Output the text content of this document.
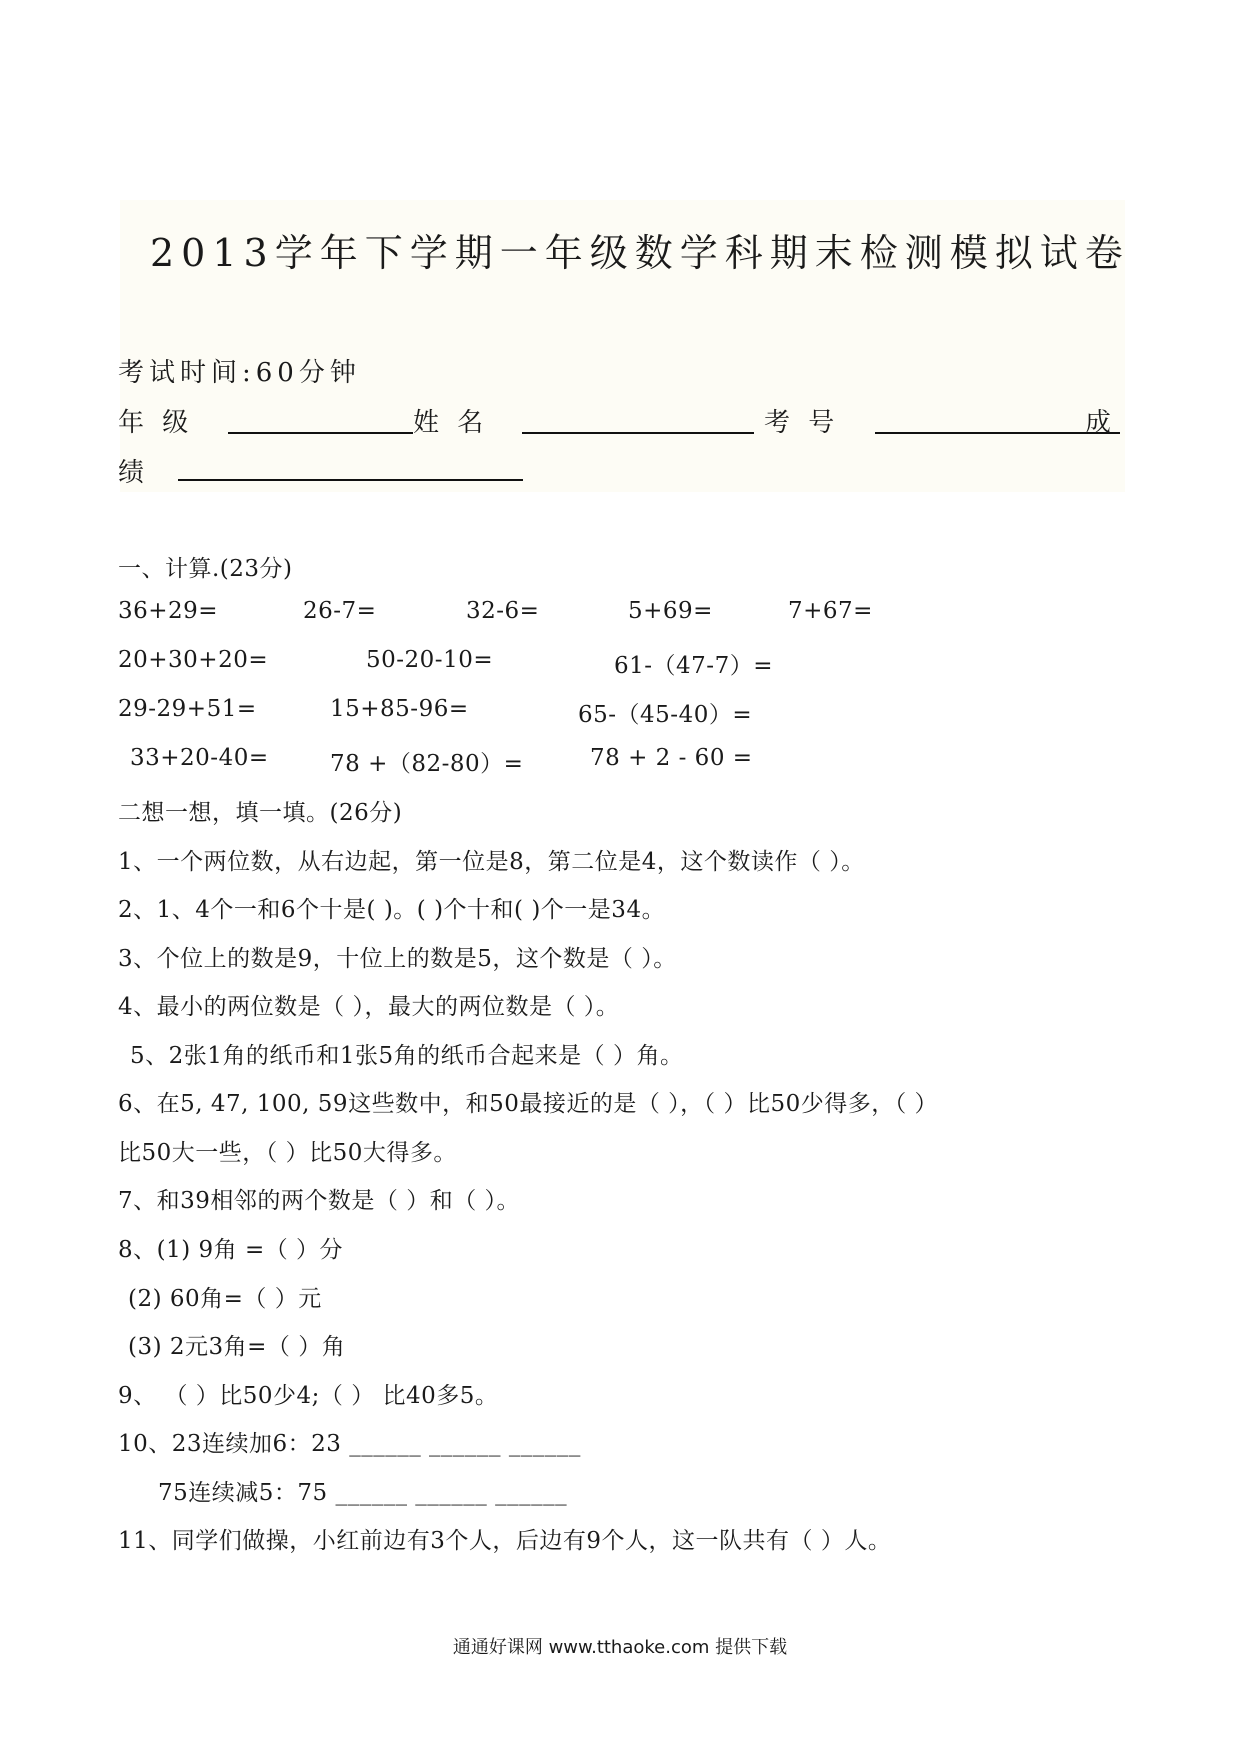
2013学年下学期一年级数学科期末检测模拟试卷
考试时间:60分钟
年 级	姓 名	考 号	成
绩
一、计算.(23分)
36+29=	26-7=	32-6=	5+69=	7+67=
20+30+20=	50-20-10=	61-（47-7）=
29-29+51=	15+85-96=	65-（45-40）=
33+20-40=	78 +（82-80）=	78 + 2 - 60 =
二想一想，填一填。(26分)
1、一个两位数，从右边起，第一位是8，第二位是4，这个数读作（ ）。
2、1、4个一和6个十是( )。( )个十和( )个一是34。
3、个位上的数是9，十位上的数是5，这个数是（ ）。
4、最小的两位数是（ ），最大的两位数是（ ）。
5、2张1角的纸币和1张5角的纸币合起来是（ ）角。
6、在5, 47, 100, 59这些数中，和50最接近的是（ ），（ ）比50少得多，（ ）
比50大一些，（ ）比50大得多。
7、和39相邻的两个数是（ ）和（ ）。
8、(1) 9角 =（ ）分
(2) 60角=（ ）元
(3) 2元3角=（ ）角
9、 （ ）比50少4;（ ） 比40多5。
10、23连续加6：23 ______ ______ ______
75连续减5：75 ______ ______ ______
11、同学们做操，小红前边有3个人，后边有9个人，这一队共有（ ）人。
通通好课网 www.tthaoke.com 提供下载
